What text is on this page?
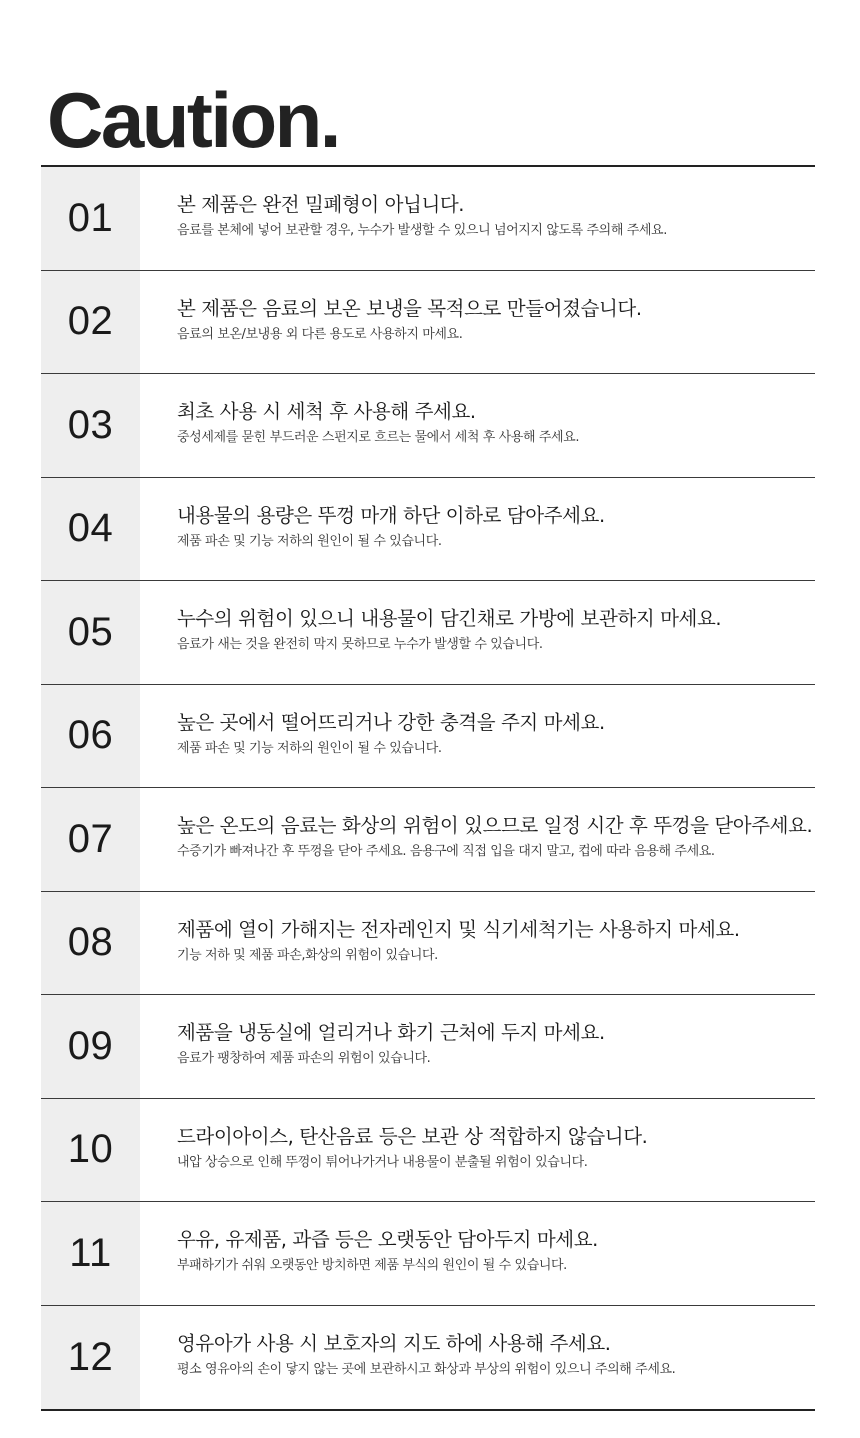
Caution.
01	본 제품은 완전 밀폐형이 아닙니다.
음료를 본체에 넣어 보관할 경우, 누수가 발생할 수 있으니 넘어지지 않도록 주의해 주세요.
02	본 제품은 음료의 보온 보냉을 목적으로 만들어졌습니다.
음료의 보온/보냉용 외 다른 용도로 사용하지 마세요.
03	최초 사용 시 세척 후 사용해 주세요.
중성세제를 묻힌 부드러운 스펀지로 흐르는 물에서 세척 후 사용해 주세요.
04	내용물의 용량은 뚜껑 마개 하단 이하로 담아주세요.
제품 파손 및 기능 저하의 원인이 될 수 있습니다.
05	누수의 위험이 있으니 내용물이 담긴채로 가방에 보관하지 마세요.
음료가 새는 것을 완전히 막지 못하므로 누수가 발생할 수 있습니다.
06	높은 곳에서 떨어뜨리거나 강한 충격을 주지 마세요.
제품 파손 및 기능 저하의 원인이 될 수 있습니다.
07	높은 온도의 음료는 화상의 위험이 있으므로 일정 시간 후 뚜껑을 닫아주세요.
수증기가 빠져나간 후 뚜껑을 닫아 주세요. 음용구에 직접 입을 대지 말고, 컵에 따라 음용해 주세요.
08	제품에 열이 가해지는 전자레인지 및 식기세척기는 사용하지 마세요.
기능 저하 및 제품 파손,화상의 위험이 있습니다.
09	제품을 냉동실에 얼리거나 화기 근처에 두지 마세요.
음료가 팽창하여 제품 파손의 위험이 있습니다.
10	드라이아이스, 탄산음료 등은 보관 상 적합하지 않습니다.
내압 상승으로 인해 뚜껑이 튀어나가거나 내용물이 분출될 위험이 있습니다.
11	우유, 유제품, 과즙 등은 오랫동안 담아두지 마세요.
부패하기가 쉬워 오랫동안 방치하면 제품 부식의 원인이 될 수 있습니다.
12	영유아가 사용 시 보호자의 지도 하에 사용해 주세요.
평소 영유아의 손이 닿지 않는 곳에 보관하시고 화상과 부상의 위험이 있으니 주의해 주세요.
